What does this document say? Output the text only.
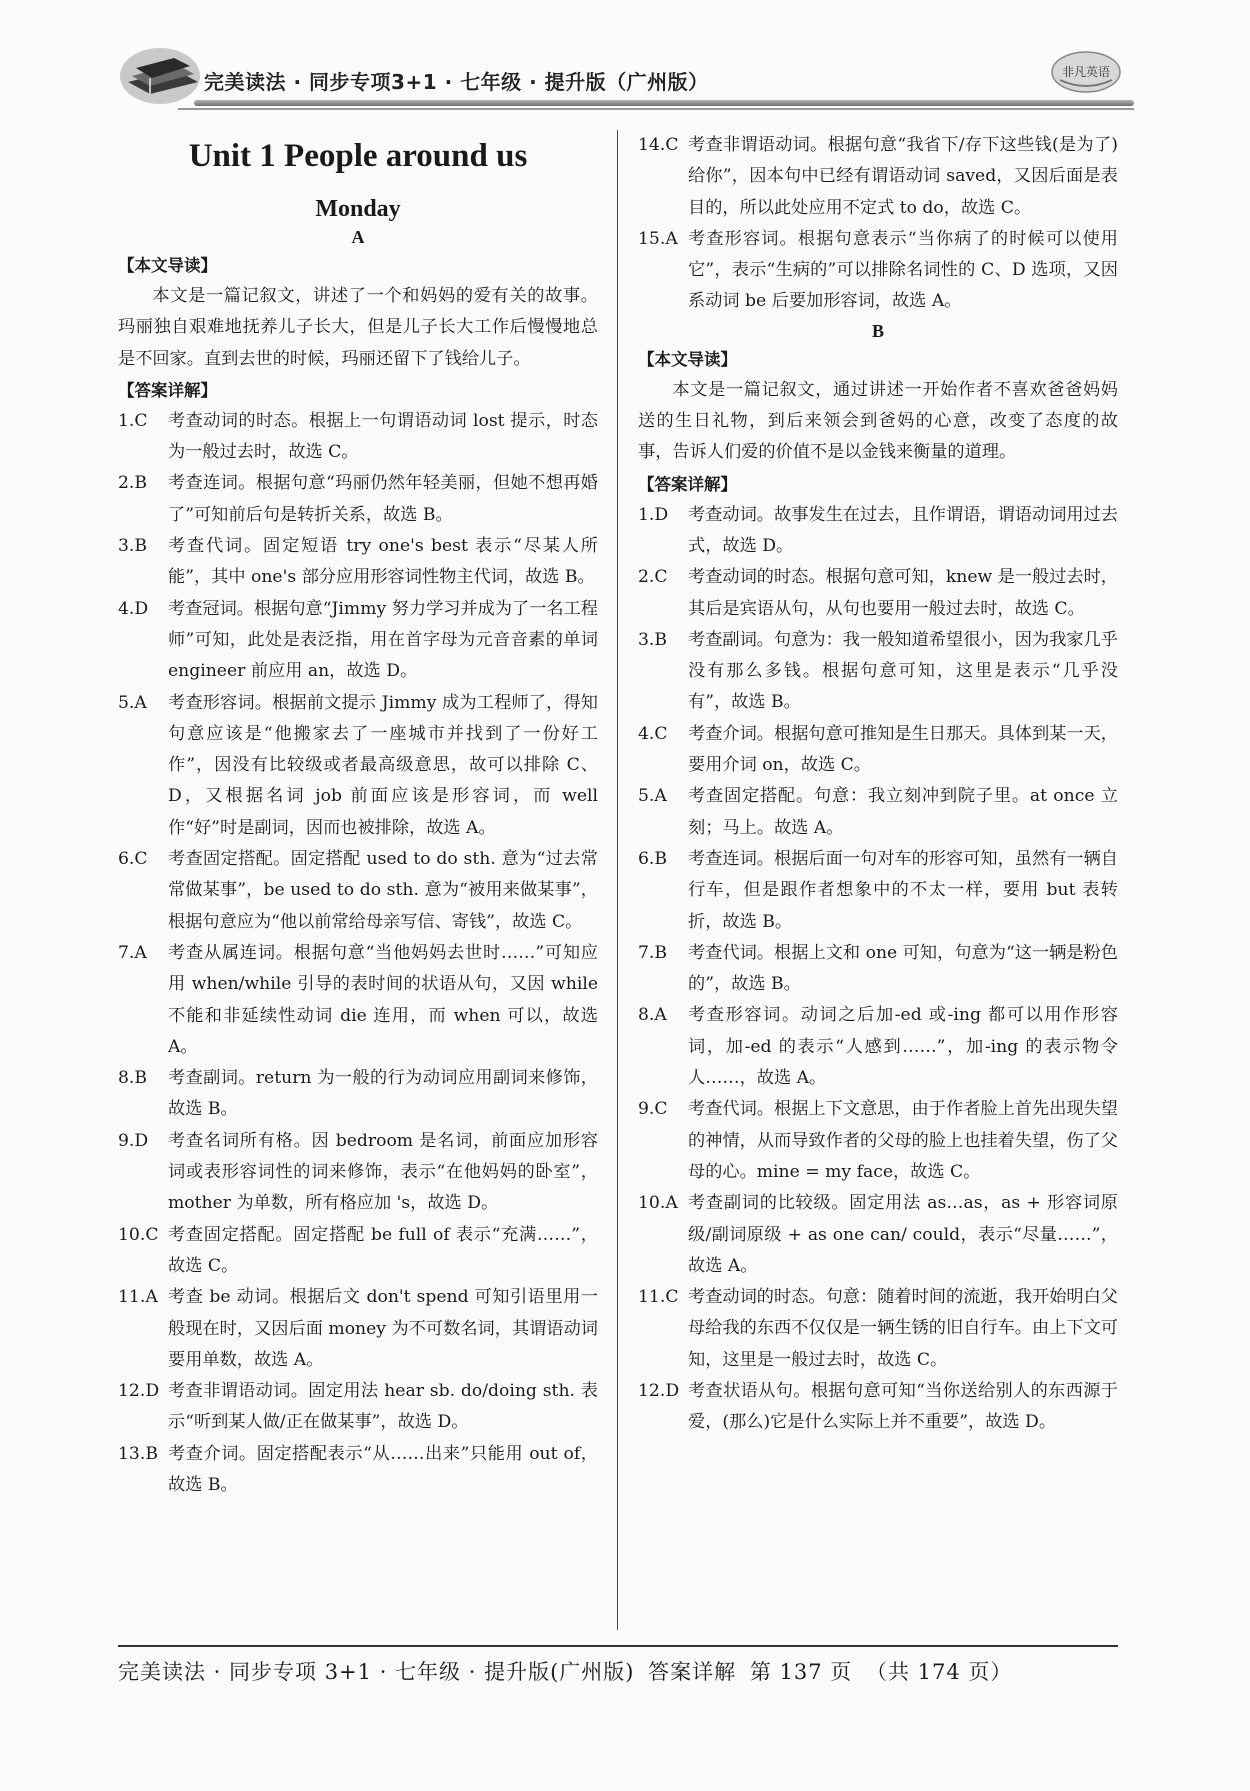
完美读法 · 同步专项3+1 · 七年级 · 提升版（广州版）	非凡英语
Unit 1 People around us
Monday
A
【本文导读】
本文是一篇记叙文，讲述了一个和妈妈的爱有关的故事。玛丽独自艰难地抚养儿子长大，但是儿子长大工作后慢慢地总是不回家。直到去世的时候，玛丽还留下了钱给儿子。
【答案详解】
1.C	考查动词的时态。根据上一句谓语动词 lost 提示，时态为一般过去时，故选 C。
2.B	考查连词。根据句意“玛丽仍然年轻美丽，但她不想再婚了”可知前后句是转折关系，故选 B。
3.B	考查代词。固定短语 try one's best 表示“尽某人所能”，其中 one's 部分应用形容词性物主代词，故选 B。
4.D	考查冠词。根据句意“Jimmy 努力学习并成为了一名工程师”可知，此处是表泛指，用在首字母为元音音素的单词 engineer 前应用 an，故选 D。
5.A	考查形容词。根据前文提示 Jimmy 成为工程师了，得知句意应该是“他搬家去了一座城市并找到了一份好工作”，因没有比较级或者最高级意思，故可以排除 C、D，又根据名词 job 前面应该是形容词，而 well 作“好”时是副词，因而也被排除，故选 A。
6.C	考查固定搭配。固定搭配 used to do sth. 意为“过去常常做某事”，be used to do sth. 意为“被用来做某事”，根据句意应为“他以前常给母亲写信、寄钱”，故选 C。
7.A	考查从属连词。根据句意“当他妈妈去世时……”可知应用 when/while 引导的表时间的状语从句，又因 while 不能和非延续性动词 die 连用，而 when 可以，故选 A。
8.B	考查副词。return 为一般的行为动词应用副词来修饰，故选 B。
9.D	考查名词所有格。因 bedroom 是名词，前面应加形容词或表形容词性的词来修饰，表示“在他妈妈的卧室”，mother 为单数，所有格应加 's，故选 D。
10.C 考查固定搭配。固定搭配 be full of 表示“充满……”，故选 C。
11.A 考查 be 动词。根据后文 don't spend 可知引语里用一般现在时，又因后面 money 为不可数名词，其谓语动词要用单数，故选 A。
12.D 考查非谓语动词。固定用法 hear sb. do/doing sth. 表示“听到某人做/正在做某事”，故选 D。
13.B 考查介词。固定搭配表示“从……出来”只能用 out of，故选 B。
14.C 考查非谓语动词。根据句意“我省下/存下这些钱(是为了)给你”，因本句中已经有谓语动词 saved，又因后面是表目的，所以此处应用不定式 to do，故选 C。
15.A 考查形容词。根据句意表示“当你病了的时候可以使用它”，表示“生病的”可以排除名词性的 C、D 选项，又因系动词 be 后要加形容词，故选 A。
B
【本文导读】
本文是一篇记叙文，通过讲述一开始作者不喜欢爸爸妈妈送的生日礼物，到后来领会到爸妈的心意，改变了态度的故事，告诉人们爱的价值不是以金钱来衡量的道理。
【答案详解】
1.D	考查动词。故事发生在过去，且作谓语，谓语动词用过去式，故选 D。
2.C	考查动词的时态。根据句意可知，knew 是一般过去时，其后是宾语从句，从句也要用一般过去时，故选 C。
3.B	考查副词。句意为：我一般知道希望很小，因为我家几乎没有那么多钱。根据句意可知，这里是表示“几乎没有”，故选 B。
4.C	考查介词。根据句意可推知是生日那天。具体到某一天，要用介词 on，故选 C。
5.A	考查固定搭配。句意：我立刻冲到院子里。at once 立刻；马上。故选 A。
6.B	考查连词。根据后面一句对车的形容可知，虽然有一辆自行车，但是跟作者想象中的不太一样，要用 but 表转折，故选 B。
7.B	考查代词。根据上文和 one 可知，句意为“这一辆是粉色的”，故选 B。
8.A	考查形容词。动词之后加-ed 或-ing 都可以用作形容词，加-ed 的表示“人感到……”，加-ing 的表示物令人……，故选 A。
9.C	考查代词。根据上下文意思，由于作者脸上首先出现失望的神情，从而导致作者的父母的脸上也挂着失望，伤了父母的心。mine = my face，故选 C。
10.A 考查副词的比较级。固定用法 as…as，as + 形容词原级/副词原级 + as one can/ could，表示“尽量……”，故选 A。
11.C 考查动词的时态。句意：随着时间的流逝，我开始明白父母给我的东西不仅仅是一辆生锈的旧自行车。由上下文可知，这里是一般过去时，故选 C。
12.D 考查状语从句。根据句意可知“当你送给别人的东西源于爱，(那么)它是什么实际上并不重要”，故选 D。
完美读法 · 同步专项 3+1 · 七年级 · 提升版(广州版) 答案详解 第 137 页 （共 174 页）
